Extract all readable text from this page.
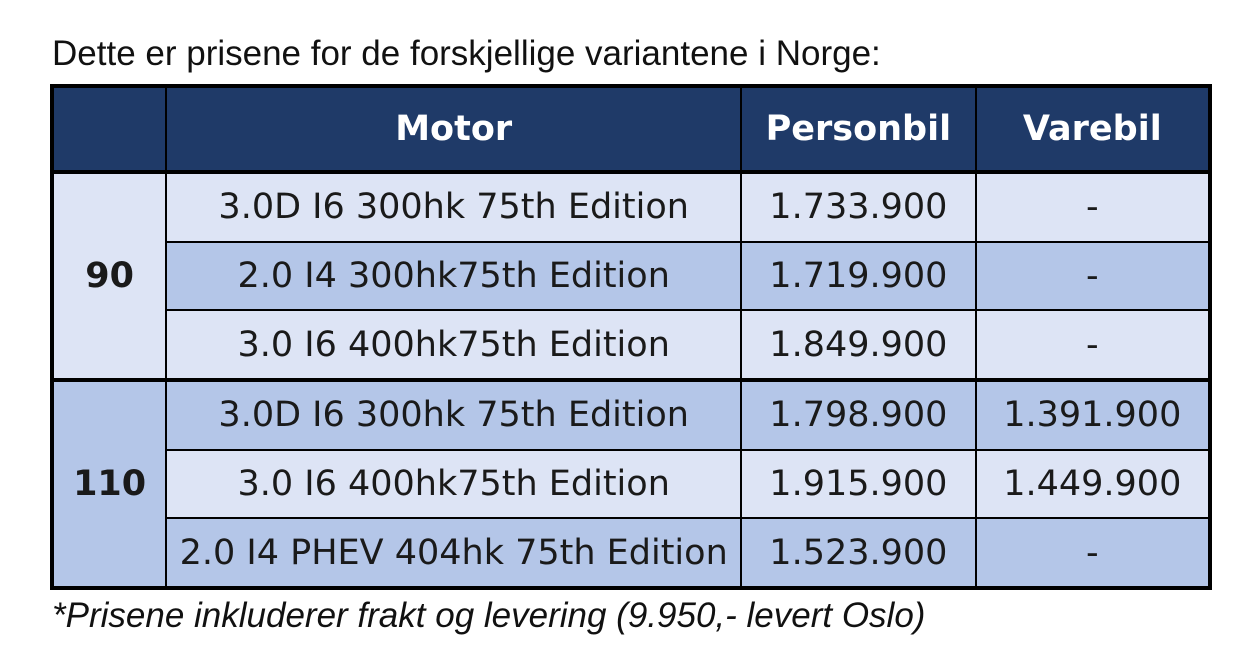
Dette er prisene for de forskjellige variantene i Norge:
	Motor	Personbil	Varebil
90	3.0D I6 300hk 75th Edition	1.733.900	-
	2.0 I4 300hk75th Edition	1.719.900	-
	3.0 I6 400hk75th Edition	1.849.900	-
110	3.0D I6 300hk 75th Edition	1.798.900	1.391.900
	3.0 I6 400hk75th Edition	1.915.900	1.449.900
	2.0 I4 PHEV 404hk 75th Edition	1.523.900	-
*Prisene inkluderer frakt og levering (9.950,- levert Oslo)
